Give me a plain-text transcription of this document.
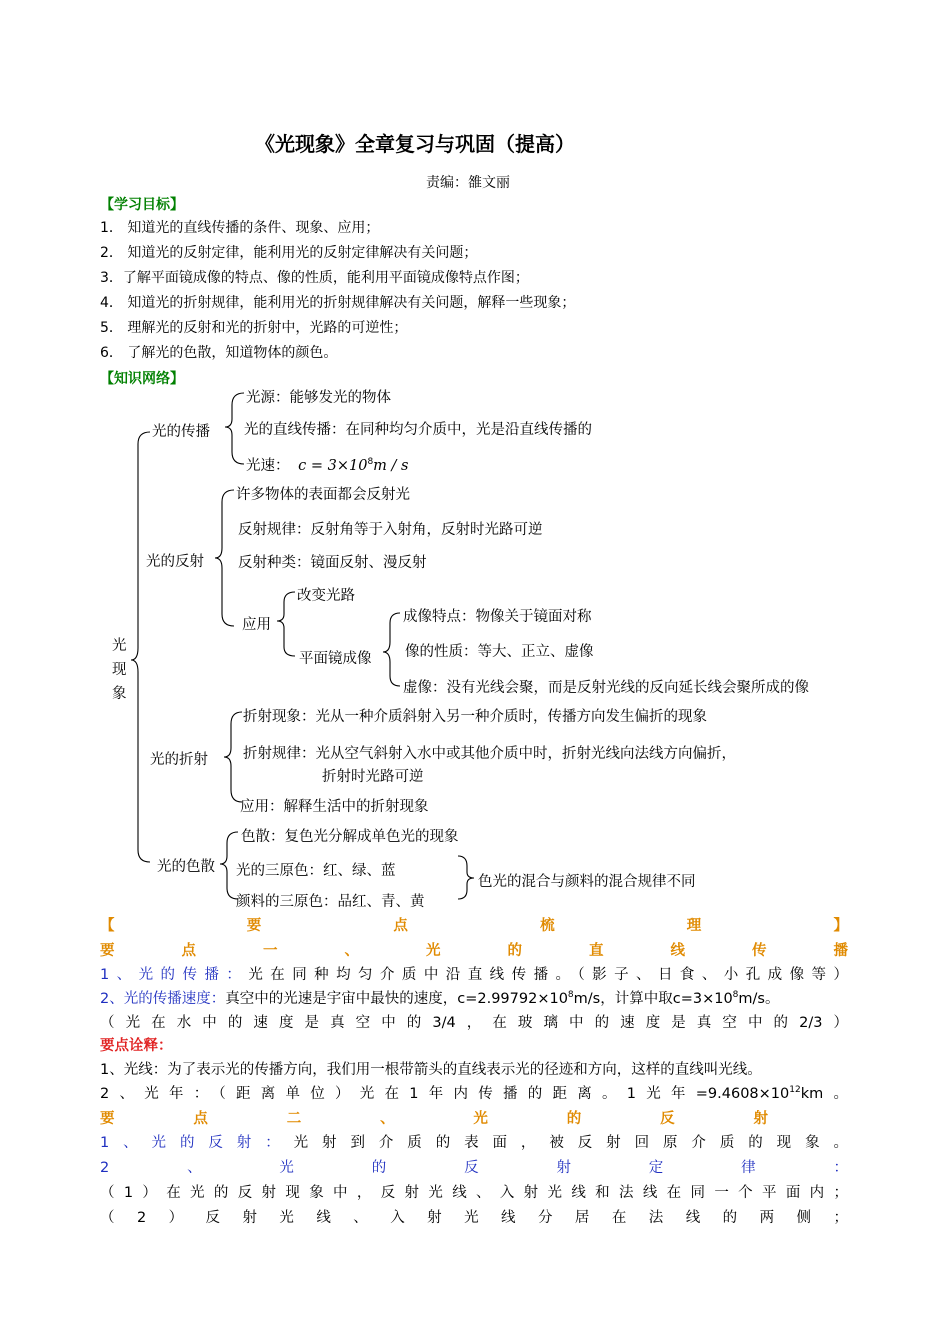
《光现象》全章复习与巩固（提高）
责编：雒文丽
【学习目标】
1． 知道光的直线传播的条件、现象、应用；
2． 知道光的反射定律，能利用光的反射定律解决有关问题；
3．了解平面镜成像的特点、像的性质，能利用平面镜成像特点作图；
4． 知道光的折射规律，能利用光的折射规律解决有关问题，解释一些现象；
5． 理解光的反射和光的折射中，光路的可逆性；
6． 了解光的色散，知道物体的颜色。
【知识网络】
光
现
象
光的传播
光源：能够发光的物体
光的直线传播：在同种均匀介质中，光是沿直线传播的
光速： $c = 3\times 10^8m / s$
光的反射
许多物体的表面都会反射光
反射规律：反射角等于入射角，反射时光路可逆
反射种类：镜面反射、漫反射
应用
改变光路
平面镜成像
成像特点：物像关于镜面对称
像的性质：等大、正立、虚像
虚像：没有光线会聚，而是反射光线的反向延长线会聚所成的像
光的折射
折射现象：光从一种介质斜射入另一种介质时，传播方向发生偏折的现象
折射规律：光从空气斜射入水中或其他介质中时，折射光线向法线方向偏折，
折射时光路可逆
应用：解释生活中的折射现象
光的色散
色散：复色光分解成单色光的现象
光的三原色：红、绿、蓝
颜料的三原色：品红、青、黄
色光的混合与颜料的混合规律不同
【要点梳理】
要点一、光的直线传播
1、光的传播：光在同种均匀介质中沿直线传播。（影子、日食、小孔成像等）
2、光的传播速度：真空中的光速是宇宙中最快的速度，$c=2.99792\times 10^8m/s$，计算中取$c=3\times 10^8m/s$。
（光在水中的速度是真空中的3/4，在玻璃中的速度是真空中的2/3）
要点诠释：
1、光线：为了表示光的传播方向，我们用一根带箭头的直线表示光的径迹和方向，这样的直线叫光线。
2、光年：（距离单位）光在1年内传播的距离。1光年$=9.4608\times 10^{12}km$。
要点二、光的反射
1、光的反射：光射到介质的表面，被反射回原介质的现象。
2、光的反射定律：
（1）在光的反射现象中，反射光线、入射光线和法线在同一个平面内；
（2）反射光线、入射光线分居在法线的两侧；
